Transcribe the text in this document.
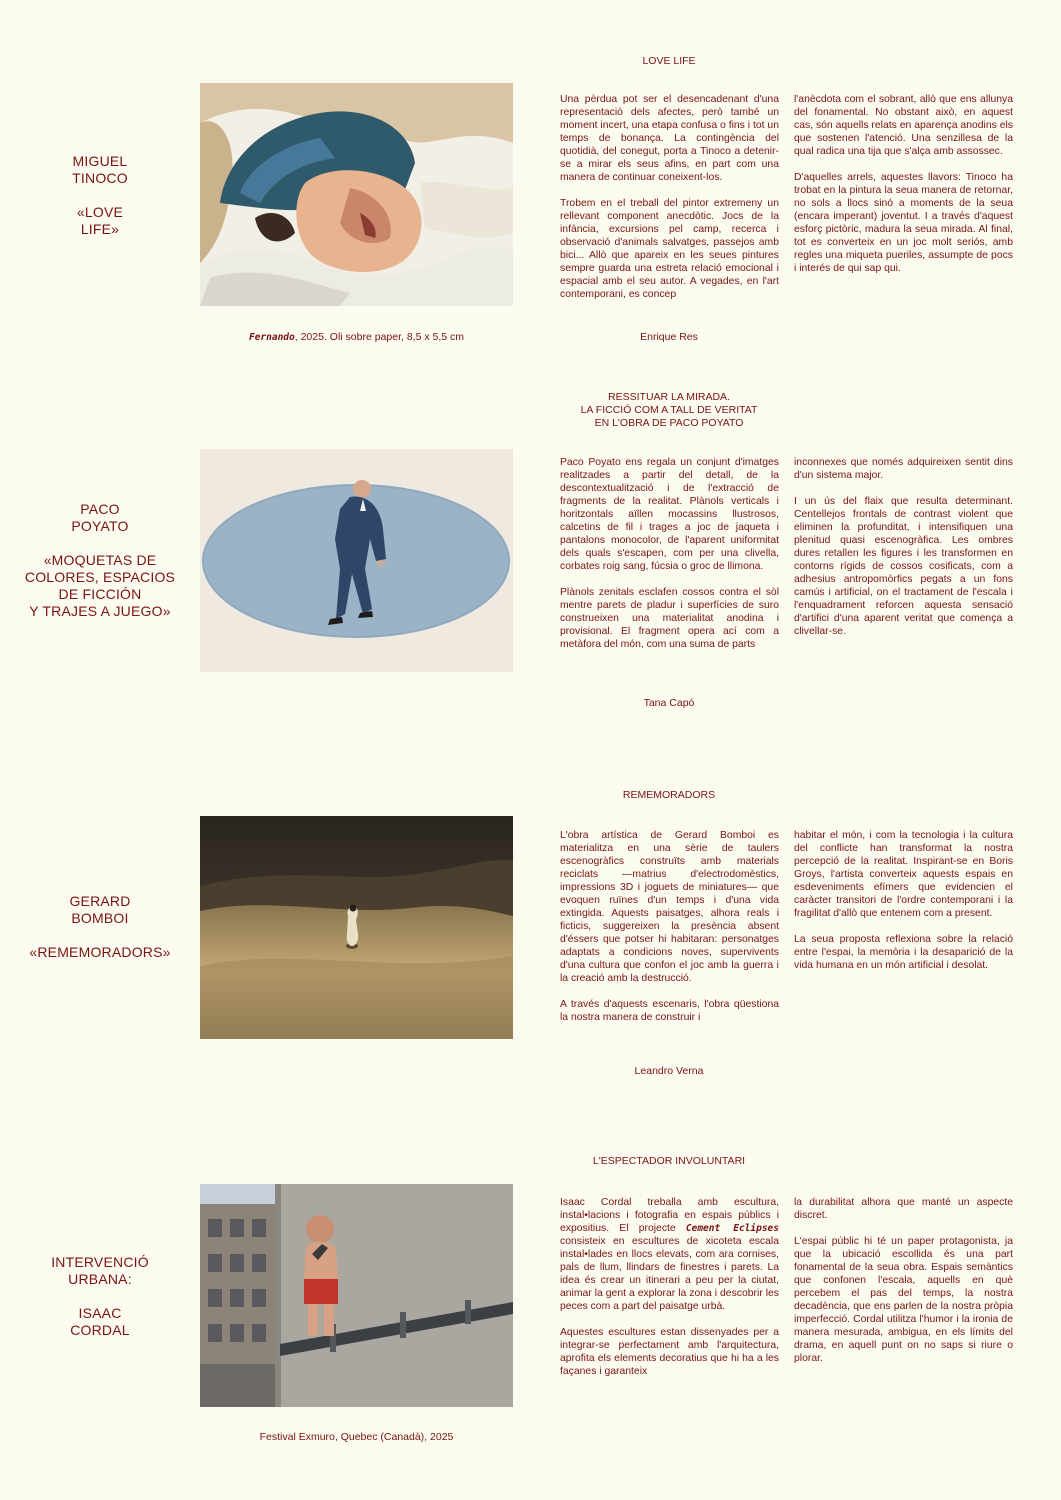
LOVE LIFE

MIGUEL

TINOCO

«LOVE

LIFE»

Fernando, 2025. Oli sobre paper, 8,5 x 5,5 cm

Una pèrdua pot ser el desencadenant d'una representació dels afectes, però també un moment incert, una etapa confusa o fins i tot un temps de bonança. La contingència del quotidià, del conegut, porta a Tinoco a detenir-se a mirar els seus afins, en part com una manera de continuar coneixent-los.

Trobem en el treball del pintor extremeny un rellevant component anecdòtic. Jocs de la infància, excursions pel camp, recerca i observació d'animals salvatges, passejos amb bici... Allò que apareix en les seues pintures sempre guarda una estreta relació emocional i espacial amb el seu autor. A vegades, en l'art contemporani, es concep

l'anècdota com el sobrant, allò que ens allunya del fonamental. No obstant això, en aquest cas, són aquells relats en aparença anodins els que sostenen l'atenció. Una senzillesa de la qual radica una tija que s'alça amb assossec.

D'aquelles arrels, aquestes llavors: Tinoco ha trobat en la pintura la seua manera de retornar, no sols a llocs sinó a moments de la seua (encara imperant) joventut. I a través d'aquest esforç pictòric, madura la seua mirada. Al final, tot es converteix en un joc molt seriós, amb regles una miqueta pueriles, assumpte de pocs i interés de qui sap qui.

Enrique Res
RESSITUAR LA MIRADA.
LA FICCIÓ COM A TALL DE VERITAT
EN L'OBRA DE PACO POYATO

PACO

POYATO

«MOQUETAS DE

COLORES, ESPACIOS

DE FICCIÓN

Y TRAJES A JUEGO»

Paco Poyato ens regala un conjunt d'imatges realitzades a partir del detall, de la descontextualització i de l'extracció de fragments de la realitat. Plànols verticals i horitzontals aïllen mocassins llustrosos, calcetins de fil i trages a joc de jaqueta i pantalons monocolor, de l'aparent uniformitat dels quals s'escapen, com per una clivella, corbates roig sang, fúcsia o groc de llimona.

Plànols zenitals esclafen cossos contra el sòl mentre parets de pladur i superfícies de suro construeixen una materialitat anodina i provisional. El fragment opera ací com a metàfora del món, com una suma de parts

inconnexes que només adquireixen sentit dins d'un sistema major.

I un ús del flaix que resulta determinant. Centellejos frontals de contrast violent que eliminen la profunditat, i intensifiquen una plenitud quasi escenogràfica. Les ombres dures retallen les figures i les transformen en contorns rígids de cossos cosificats, com a adhesius antropomòrfics pegats a un fons camús i artificial, on el tractament de l'escala i l'enquadrament reforcen aquesta sensació d'artifici d'una aparent veritat que comença a clivellar-se.

Tana Capó
REMEMORADORS

GERARD

BOMBOI

«REMEMORADORS»

L'obra artística de Gerard Bomboi es materialitza en una sèrie de taulers escenogràfics construïts amb materials reciclats —matrius d'electrodomèstics, impressions 3D i joguets de miniatures— que evoquen ruïnes d'un temps i d'una vida extingida. Aquests paisatges, alhora reals i ficticis, suggereixen la presència absent d'éssers que potser hi habitaran: personatges adaptats a condicions noves, supervivents d'una cultura que confon el joc amb la guerra i la creació amb la destrucció.

A través d'aquests escenaris, l'obra qüestiona la nostra manera de construir i

habitar el món, i com la tecnologia i la cultura del conflicte han transformat la nostra percepció de la realitat. Inspirant-se en Boris Groys, l'artista converteix aquests espais en esdeveniments efímers que evidencien el caràcter transitori de l'ordre contemporani i la fragilitat d'allò que entenem com a present.

La seua proposta reflexiona sobre la relació entre l'espai, la memòria i la desaparició de la vida humana en un món artificial i desolat.

Leandro Verna
L'ESPECTADOR INVOLUNTARI

INTERVENCIÓ

URBANA:

ISAAC

CORDAL

Festival Exmuro, Quebec (Canadà), 2025

Isaac Cordal treballa amb escultura, instal•lacions i fotografia en espais públics i expositius. El projecte Cement Eclipses consisteix en escultures de xicoteta escala instal•lades en llocs elevats, com ara cornises, pals de llum, llindars de finestres i parets. La idea és crear un itinerari a peu per la ciutat, animar la gent a explorar la zona i descobrir les peces com a part del paisatge urbà.

Aquestes escultures estan dissenyades per a integrar-se perfectament amb l'arquitectura, aprofita els elements decoratius que hi ha a les façanes i garanteix

la durabilitat alhora que manté un aspecte discret.

L'espai públic hi té un paper protagonista, ja que la ubicació escollida és una part fonamental de la seua obra. Espais semàntics que confonen l'escala, aquells en què percebem el pas del temps, la nostra decadència, que ens parlen de la nostra pròpia imperfecció. Cordal utilitza l'humor i la ironia de manera mesurada, ambigua, en els límits del drama, en aquell punt on no saps si riure o plorar.
